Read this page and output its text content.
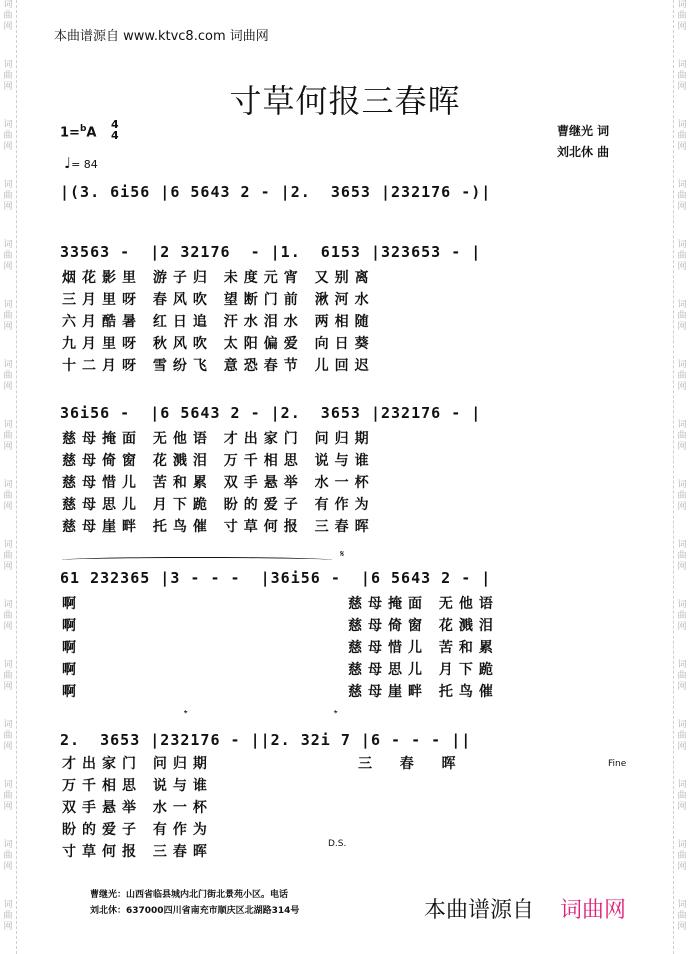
词
曲
网
词
曲
网
词
曲
网
词
曲
网
词
曲
网
词
曲
网
词
曲
网
词
曲
网
词
曲
网
词
曲
网
词
曲
网
词
曲
网
词
曲
网
词
曲
网
词
曲
网
词
曲
网
词
曲
网
词
曲
网
词
曲
网
词
曲
网
词
曲
网
词
曲
网
词
曲
网
词
曲
网
词
曲
网
词
曲
网
词
曲
网
词
曲
网
词
曲
网
词
曲
网
词
曲
网
词
曲
网
本曲谱源自 www.ktvc8.com 词曲网
寸草何报三春晖
1=$^b$A
4
4
♩= 84
曹继光 词
刘北休 曲
|(3. 6i56 |6 5643 2 - |2.  3653 |232176 -)|
33563 -  |2 32176  - |1.  6153 |323653 - |
烟花影里 游子归 未度元宵 又别离
三月里呀 春风吹 望断门前 湫河水
六月酷暑 红日追 汗水泪水 两相随
九月里呀 秋风吹 太阳偏爱 向日葵
十二月呀 雪纷飞 意恐春节 儿回迟
36i56 -  |6 5643 2 - |2.  3653 |232176 - |
慈母掩面 无他语 才出家门 问归期
慈母倚窗 花溅泪 万千相思 说与谁
慈母惜儿 苦和累 双手悬举 水一杯
慈母思儿 月下跪 盼的爱子 有作为
慈母崖畔 托鸟催 寸草何报 三春晖
𝄋
61 232365 |3 - - -  |36i56 -  |6 5643 2 - |
啊
啊
啊
啊
啊
慈母掩面 无他语
慈母倚窗 花溅泪
慈母惜儿 苦和累
慈母思儿 月下跪
慈母崖畔 托鸟催
𝄌	𝄌
2.  3653 |232176 - ||2. 32i 7 |6 - - - ||
才出家门 问归期
万千相思 说与谁
双手悬举 水一杯
盼的爱子 有作为
寸草何报 三春晖
三  春  晖	Fine
D.S.
曹继光：山西省临县城内北门街北景苑小区。电话
刘北休：637000四川省南充市顺庆区北湖路314号	本曲谱源自 词曲网
